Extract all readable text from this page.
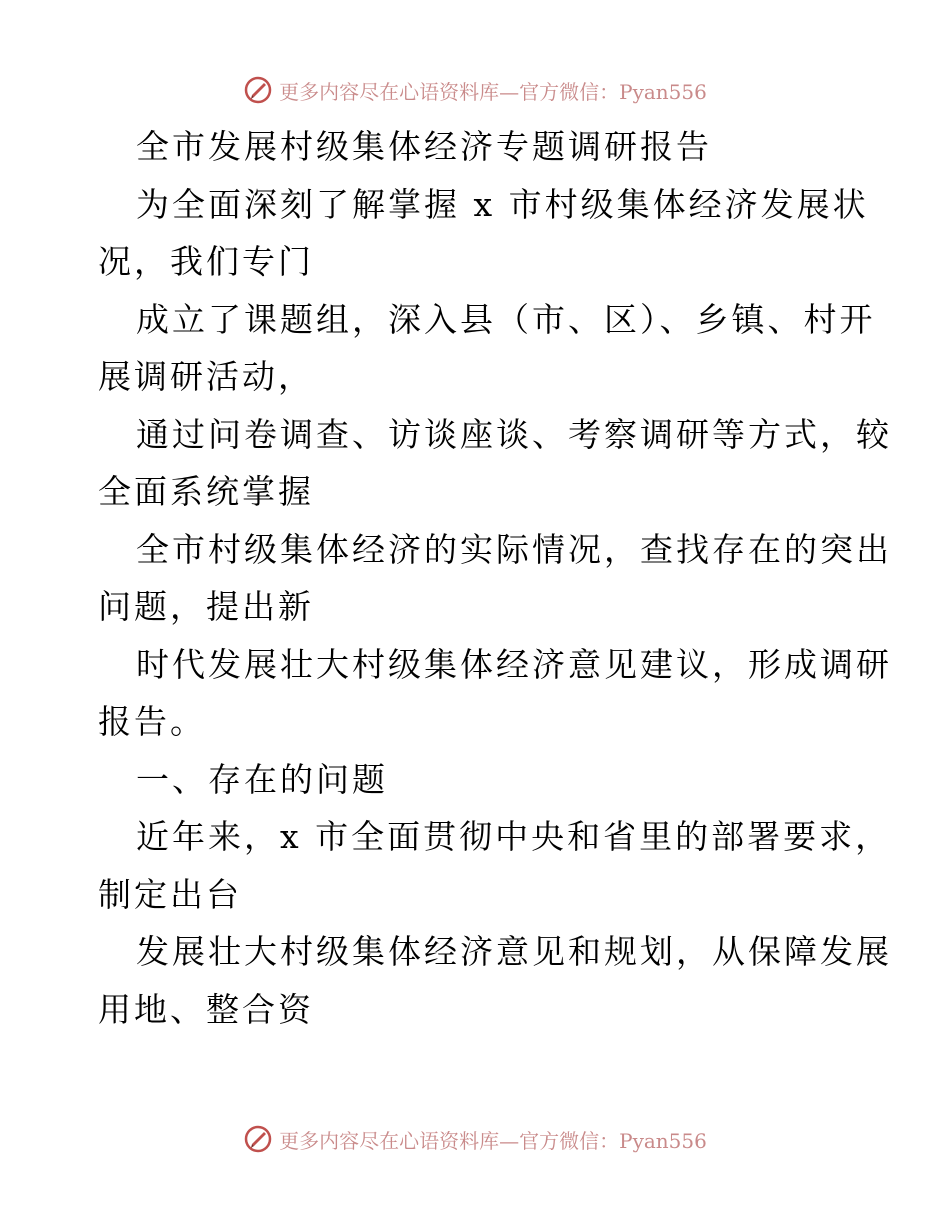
更多内容尽在心语资料库—官方微信：Pyan556
全市发展村级集体经济专题调研报告
为全面深刻了解掌握 x 市村级集体经济发展状
况，我们专门
成立了课题组，深入县（市、区）、乡镇、村开
展调研活动，
通过问卷调查、访谈座谈、考察调研等方式，较
全面系统掌握
全市村级集体经济的实际情况，查找存在的突出
问题，提出新
时代发展壮大村级集体经济意见建议，形成调研
报告。
一、存在的问题
近年来，x 市全面贯彻中央和省里的部署要求，
制定出台
发展壮大村级集体经济意见和规划，从保障发展
用地、整合资
更多内容尽在心语资料库—官方微信：Pyan556
